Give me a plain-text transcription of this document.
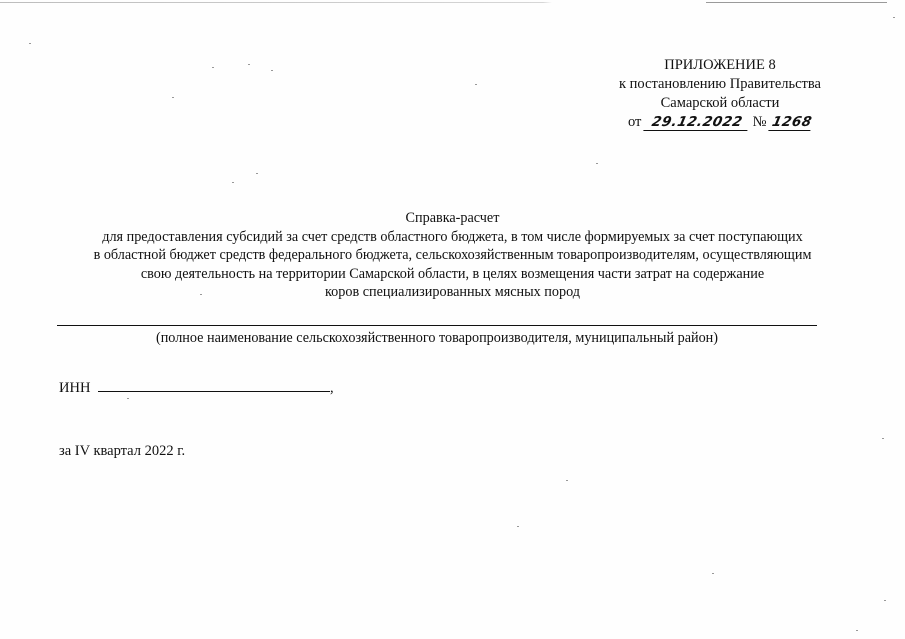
ПРИЛОЖЕНИЕ 8
к постановлению Правительства
Самарской области
от 29.12.2022 № 1268
Справка-расчет
для предоставления субсидий за счет средств областного бюджета, в том числе формируемых за счет поступающих
в областной бюджет средств федерального бюджета, сельскохозяйственным товаропроизводителям, осуществляющим
свою деятельность на территории Самарской области, в целях возмещения части затрат на содержание
коров специализированных мясных пород
(полное наименование сельскохозяйственного товаропроизводителя, муниципальный район)
ИНН	,
за IV квартал 2022 г.
